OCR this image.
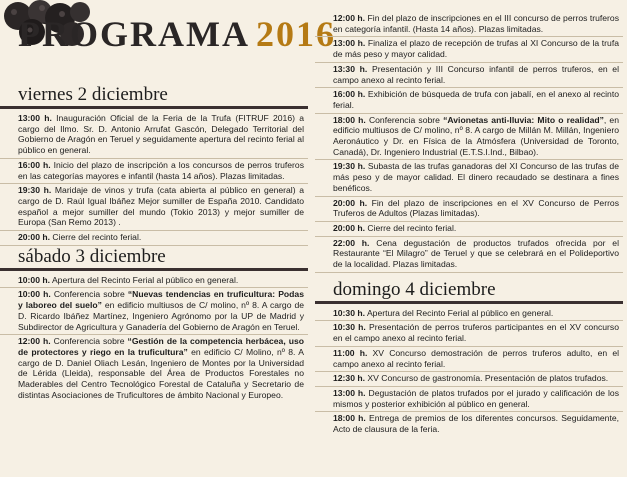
PROGRAMA 2016
viernes 2 diciembre
13:00 h. Inauguración Oficial de la Feria de la Trufa (FITRUF 2016) a cargo del Ilmo. Sr. D. Antonio Arrufat Gascón, Delegado Territorial del Gobierno de Aragón en Teruel y seguidamente apertura del recinto ferial al público en general.
16:00 h. Inicio del plazo de inscripción a los concursos de perros truferos en las categorías mayores e infantil (hasta 14 años). Plazas limitadas.
19:30 h. Maridaje de vinos y trufa (cata abierta al público en general) a cargo de D. Raúl Igual Ibáñez Mejor sumiller de España 2010. Candidato español a mejor sumiller del mundo (Tokio 2013) y mejor sumiller de Europa (San Remo 2013) .
20:00 h. Cierre del recinto ferial.
sábado 3 diciembre
10:00 h. Apertura del Recinto Ferial al público en general.
10:00 h. Conferencia sobre “Nuevas tendencias en truficultura: Podas y laboreo del suelo” en edificio multiusos de C/ molino, nº 8. A cargo de D. Ricardo Ibáñez Martínez, Ingeniero Agrónomo por la UP de Madrid y Subdirector de Agricultura y Ganadería del Gobierno de Aragón en Teruel.
12:00 h. Conferencia sobre “Gestión de la competencia herbácea, uso de protectores y riego en la truficultura” en edificio C/ Molino, nº 8. A cargo de D. Daniel Oliach Lesán, Ingeniero de Montes por la Universidad de Lérida (Lleida), responsable del Área de Productos Forestales no Maderables del Centro Tecnológico Forestal de Cataluña y Secretario de distintas Asociaciones de Truficultores de ámbito Nacional y Europeo.
12:00 h. Fin del plazo de inscripciones en el III concurso de perros truferos en categoría infantil. (Hasta 14 años). Plazas limitadas.
13:00 h. Finaliza el plazo de recepción de trufas al XI Concurso de la trufa de más peso y mayor calidad.
13:30 h. Presentación y III Concurso infantil de perros truferos, en el campo anexo al recinto ferial.
16:00 h. Exhibición de búsqueda de trufa con jabalí, en el anexo al recinto ferial.
18:00 h. Conferencia sobre “Avionetas anti-lluvia: Mito o realidad”, en edificio multiusos de C/ molino, nº 8. A cargo de Millán M. Millán, Ingeniero Aeronáutico y Dr. en Física de la Atmósfera (Universidad de Toronto, Canadá), Dr. Ingeniero Industrial (E.T.S.I.Ind., Bilbao).
19:30 h. Subasta de las trufas ganadoras del XI Concurso de las trufas de más peso y de mayor calidad. El dinero recaudado se destinara a fines benéficos.
20:00 h. Fin del plazo de inscripciones en el XV Concurso de Perros Truferos de Adultos (Plazas limitadas).
20:00 h. Cierre del recinto ferial.
22:00 h. Cena degustación de productos trufados ofrecida por el Restaurante “El Milagro” de Teruel y que se celebrará en el Polideportivo de la localidad. Plazas limitadas.
domingo 4 diciembre
10:30 h. Apertura del Recinto Ferial al público en general.
10:30 h. Presentación de perros truferos participantes en el XV concurso en el campo anexo al recinto ferial.
11:00 h. XV Concurso demostración de perros truferos adulto, en el campo anexo al recinto ferial.
12:30 h. XV Concurso de gastronomía. Presentación de platos trufados.
13:00 h. Degustación de platos trufados por el jurado y calificación de los mismos y posterior exhibición al público en general.
18:00 h. Entrega de premios de los diferentes concursos. Seguidamente, Acto de clausura de la feria.
